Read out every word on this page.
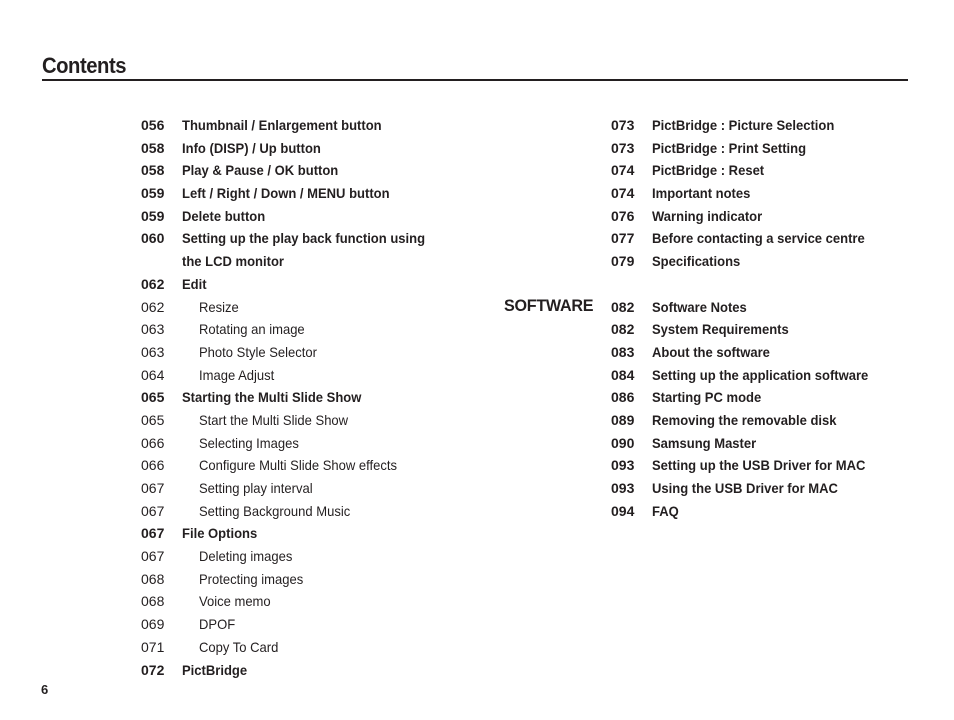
Contents
056 Thumbnail / Enlargement button
058 Info (DISP) / Up button
058 Play & Pause / OK button
059 Left / Right / Down / MENU button
059 Delete button
060 Setting up the play back function using
the LCD monitor
062 Edit
062 Resize
063 Rotating an image
063 Photo Style Selector
064 Image Adjust
065 Starting the Multi Slide Show
065 Start the Multi Slide Show
066 Selecting Images
066 Configure Multi Slide Show effects
067 Setting play interval
067 Setting Background Music
067 File Options
067 Deleting images
068 Protecting images
068 Voice memo
069 DPOF
071 Copy To Card
072 PictBridge
SOFTWARE
073 PictBridge : Picture Selection
073 PictBridge : Print Setting
074 PictBridge : Reset
074 Important notes
076 Warning indicator
077 Before contacting a service centre
079 Specifications
082 Software Notes
082 System Requirements
083 About the software
084 Setting up the application software
086 Starting PC mode
089 Removing the removable disk
090 Samsung Master
093 Setting up the USB Driver for MAC
093 Using the USB Driver for MAC
094 FAQ
6
